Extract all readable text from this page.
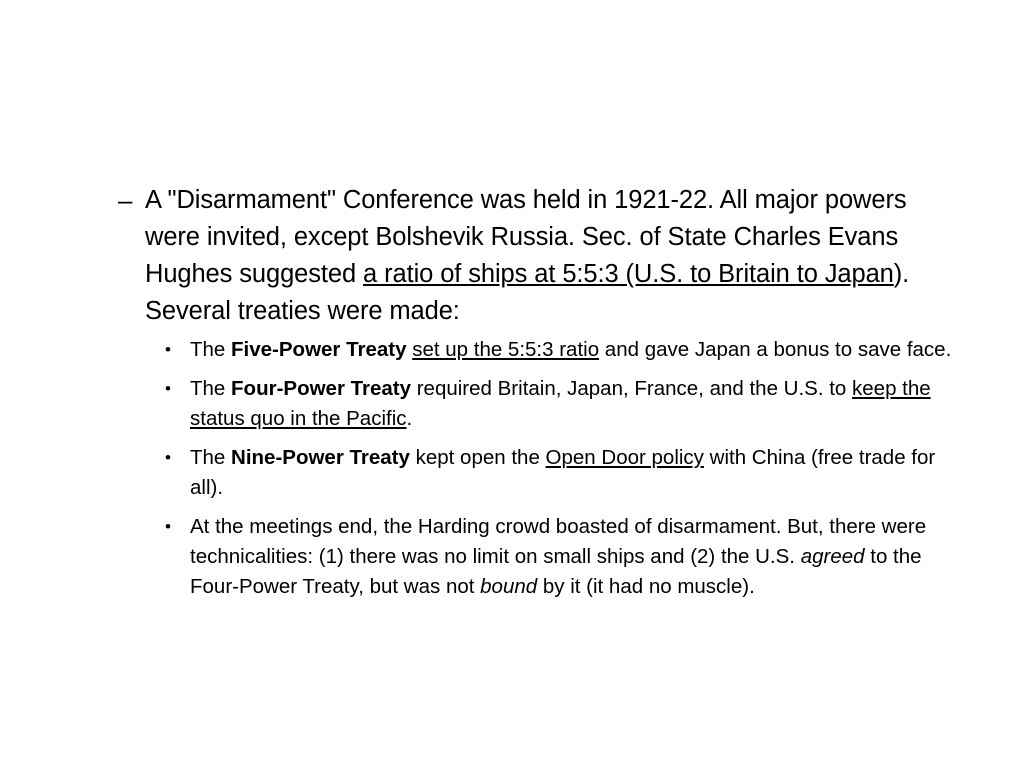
– A "Disarmament" Conference was held in 1921-22. All major powers were invited, except Bolshevik Russia. Sec. of State Charles Evans Hughes suggested a ratio of ships at 5:5:3 (U.S. to Britain to Japan). Several treaties were made:
• The Five-Power Treaty set up the 5:5:3 ratio and gave Japan a bonus to save face.
• The Four-Power Treaty required Britain, Japan, France, and the U.S. to keep the status quo in the Pacific.
• The Nine-Power Treaty kept open the Open Door policy with China (free trade for all).
• At the meetings end, the Harding crowd boasted of disarmament. But, there were technicalities: (1) there was no limit on small ships and (2) the U.S. agreed to the Four-Power Treaty, but was not bound by it (it had no muscle).
